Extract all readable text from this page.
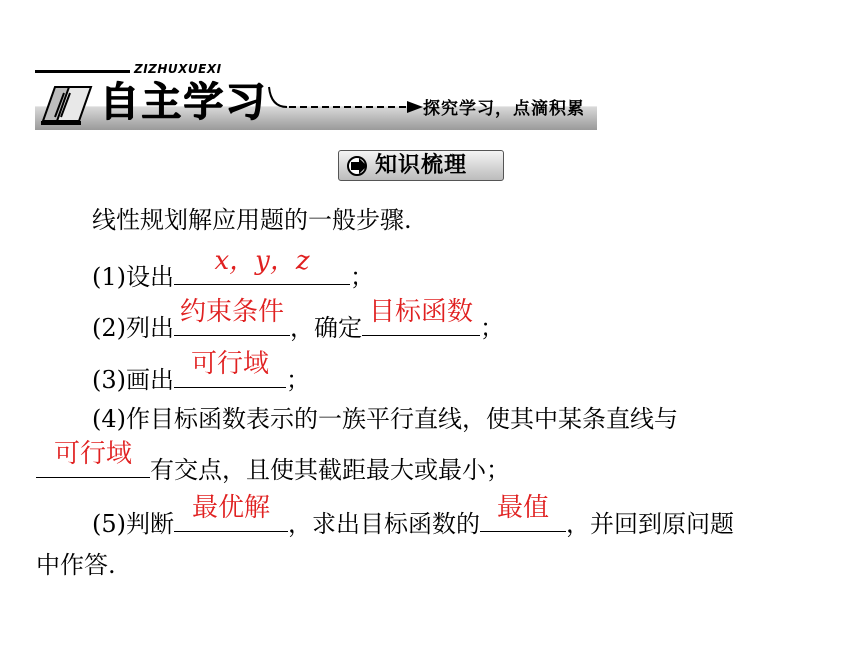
ZIZHUXUEXI
自主学习	探究学习，点滴积累
知识梳理
线性规划解应用题的一般步骤.
(1)设出
x，y，z
；
(2)列出
约束条件
，确定
目标函数
；
(3)画出
可行域
；
(4)作目标函数表示的一族平行直线，使其中某条直线与
可行域
有交点，且使其截距最大或最小；
(5)判断
最优解
，求出目标函数的
最值
，并回到原问题
中作答.
